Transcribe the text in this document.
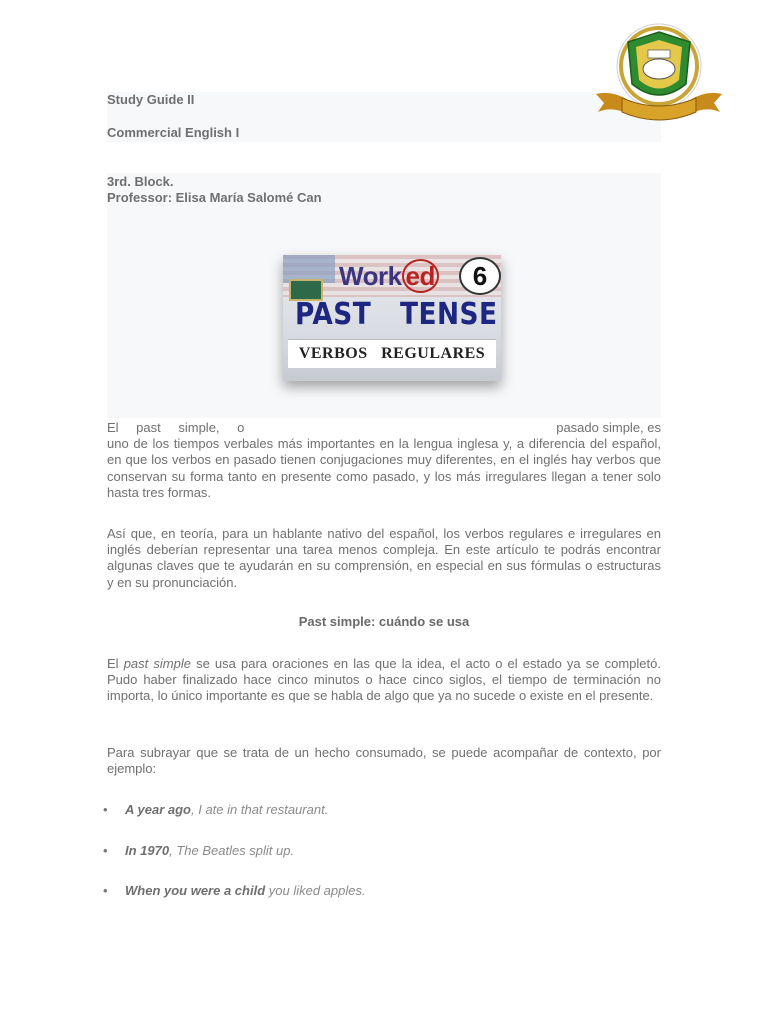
Study Guide II
Commercial English I
3rd. Block.
Professor: Elisa María Salomé Can
Work ed	6
PAST   TENSE
VERBOS   REGULARES
El past simple, o	pasado simple, es
uno de los tiempos verbales más importantes en la lengua inglesa y, a diferencia del español, en que los verbos en pasado tienen conjugaciones muy diferentes, en el inglés hay verbos que conservan su forma tanto en presente como pasado, y los más irregulares llegan a tener solo hasta tres formas.
Así que, en teoría, para un hablante nativo del español, los verbos regulares e irregulares en inglés deberían representar una tarea menos compleja. En este artículo te podrás encontrar algunas claves que te ayudarán en su comprensión, en especial en sus fórmulas o estructuras y en su pronunciación.
Past simple: cuándo se usa
El past simple se usa para oraciones en las que la idea, el acto o el estado ya se completó. Pudo haber finalizado hace cinco minutos o hace cinco siglos, el tiempo de terminación no importa, lo único importante es que se habla de algo que ya no sucede o existe en el presente.
Para subrayar que se trata de un hecho consumado, se puede acompañar de contexto, por ejemplo:
• A year ago, I ate in that restaurant.
• In 1970, The Beatles split up.
• When you were a child you liked apples.
